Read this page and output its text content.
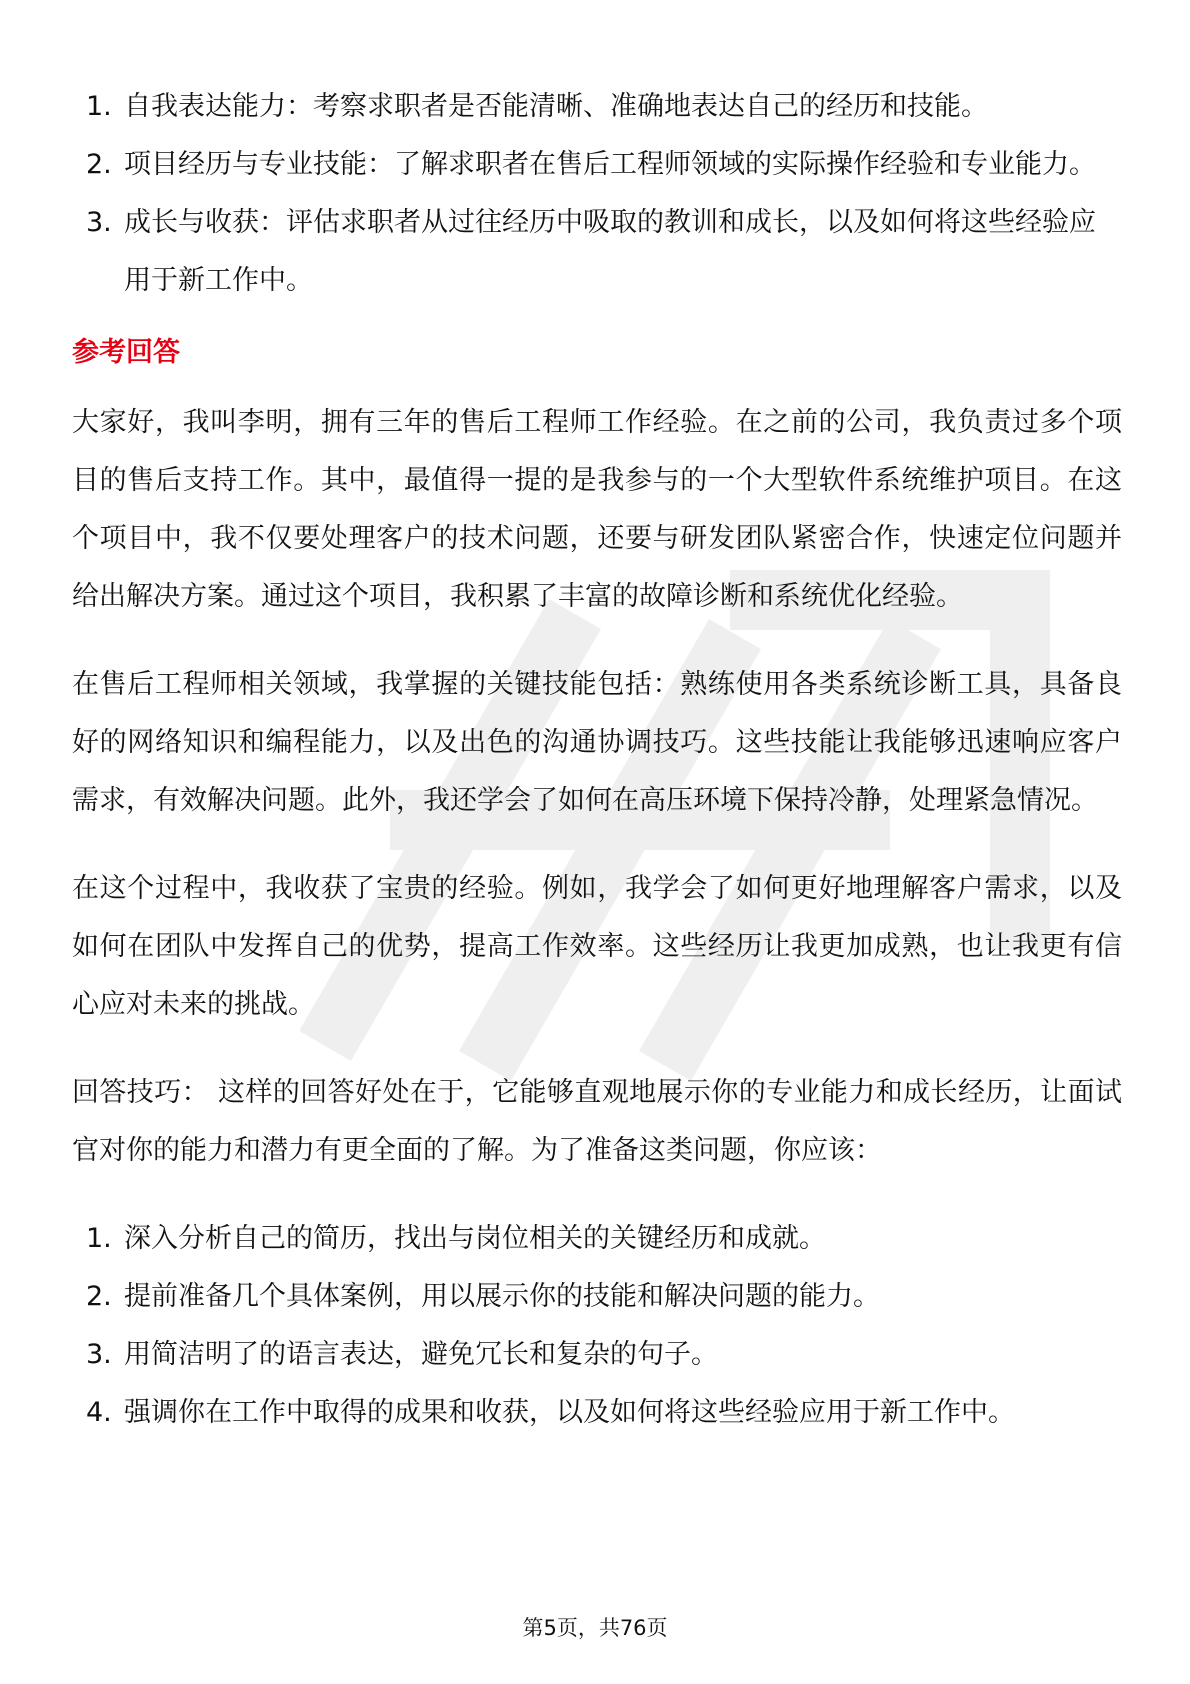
1. 自我表达能力：考察求职者是否能清晰、准确地表达自己的经历和技能。
2. 项目经历与专业技能：了解求职者在售后工程师领域的实际操作经验和专业能力。
3. 成长与收获：评估求职者从过往经历中吸取的教训和成长，以及如何将这些经验应用于新工作中。
参考回答

大家好，我叫李明，拥有三年的售后工程师工作经验。在之前的公司，我负责过多个项目的售后支持工作。其中，最值得一提的是我参与的一个大型软件系统维护项目。在这个项目中，我不仅要处理客户的技术问题，还要与研发团队紧密合作，快速定位问题并给出解决方案。通过这个项目，我积累了丰富的故障诊断和系统优化经验。

在售后工程师相关领域，我掌握的关键技能包括：熟练使用各类系统诊断工具，具备良好的网络知识和编程能力，以及出色的沟通协调技巧。这些技能让我能够迅速响应客户需求，有效解决问题。此外，我还学会了如何在高压环境下保持冷静，处理紧急情况。

在这个过程中，我收获了宝贵的经验。例如，我学会了如何更好地理解客户需求，以及如何在团队中发挥自己的优势，提高工作效率。这些经历让我更加成熟，也让我更有信心应对未来的挑战。

回答技巧： 这样的回答好处在于，它能够直观地展示你的专业能力和成长经历，让面试官对你的能力和潜力有更全面的了解。为了准备这类问题，你应该：

1. 深入分析自己的简历，找出与岗位相关的关键经历和成就。
2. 提前准备几个具体案例，用以展示你的技能和解决问题的能力。
3. 用简洁明了的语言表达，避免冗长和复杂的句子。
4. 强调你在工作中取得的成果和收获，以及如何将这些经验应用于新工作中。
第5页，共76页
